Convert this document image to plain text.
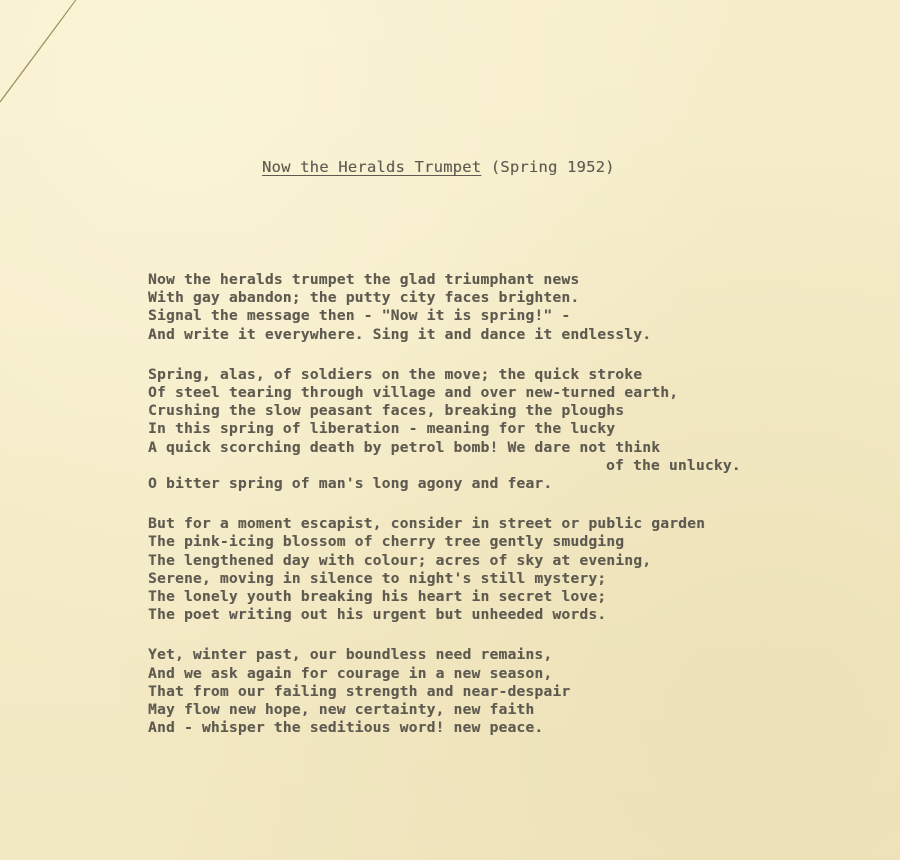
Now the Heralds Trumpet (Spring 1952)
Now the heralds trumpet the glad triumphant news
With gay abandon; the putty city faces brighten.
Signal the message then - "Now it is spring!" -
And write it everywhere. Sing it and dance it endlessly.
Spring, alas, of soldiers on the move; the quick stroke
Of steel tearing through village and over new-turned earth,
Crushing the slow peasant faces, breaking the ploughs
In this spring of liberation - meaning for the lucky
A quick scorching death by petrol bomb! We dare not think
of the unlucky.
O bitter spring of man's long agony and fear.
But for a moment escapist, consider in street or public garden
The pink-icing blossom of cherry tree gently smudging
The lengthened day with colour; acres of sky at evening,
Serene, moving in silence to night's still mystery;
The lonely youth breaking his heart in secret love;
The poet writing out his urgent but unheeded words.
Yet, winter past, our boundless need remains,
And we ask again for courage in a new season,
That from our failing strength and near-despair
May flow new hope, new certainty, new faith
And - whisper the seditious word! new peace.
